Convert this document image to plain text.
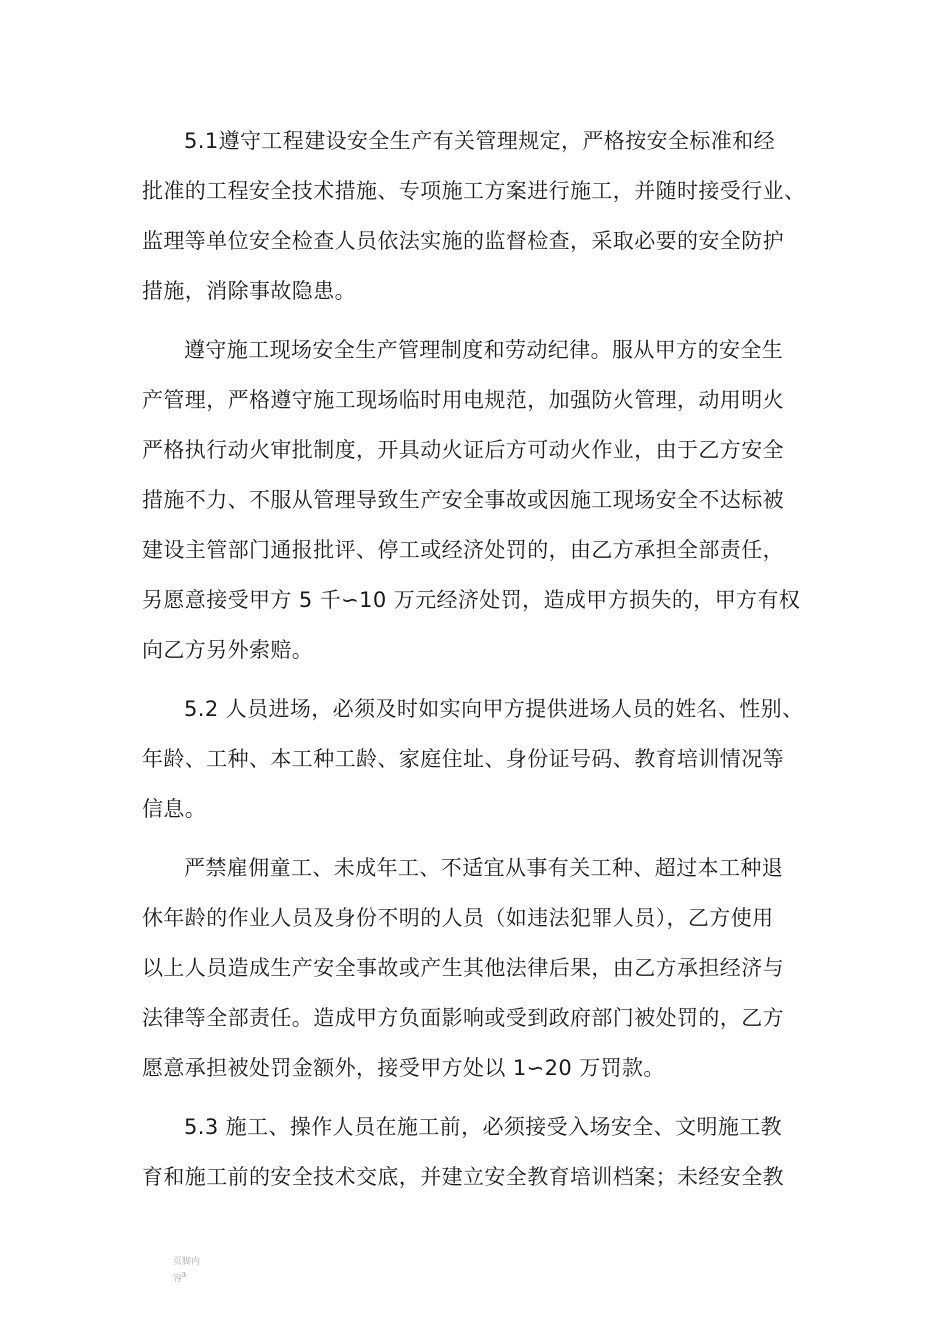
5.1遵守工程建设安全生产有关管理规定，严格按安全标准和经
批准的工程安全技术措施、专项施工方案进行施工，并随时接受行业、
监理等单位安全检查人员依法实施的监督检查，采取必要的安全防护
措施，消除事故隐患。
遵守施工现场安全生产管理制度和劳动纪律。服从甲方的安全生
产管理，严格遵守施工现场临时用电规范，加强防火管理，动用明火
严格执行动火审批制度，开具动火证后方可动火作业，由于乙方安全
措施不力、不服从管理导致生产安全事故或因施工现场安全不达标被
建设主管部门通报批评、停工或经济处罚的，由乙方承担全部责任，
另愿意接受甲方 5 千∽10 万元经济处罚，造成甲方损失的，甲方有权
向乙方另外索赔。
5.2 人员进场，必须及时如实向甲方提供进场人员的姓名、性别、
年龄、工种、本工种工龄、家庭住址、身份证号码、教育培训情况等
信息。
严禁雇佣童工、未成年工、不适宜从事有关工种、超过本工种退
休年龄的作业人员及身份不明的人员（如违法犯罪人员），乙方使用
以上人员造成生产安全事故或产生其他法律后果，由乙方承担经济与
法律等全部责任。造成甲方负面影响或受到政府部门被处罚的，乙方
愿意承担被处罚金额外，接受甲方处以 1∽20 万罚款。
5.3 施工、操作人员在施工前，必须接受入场安全、文明施工教
育和施工前的安全技术交底，并建立安全教育培训档案；未经安全教
页脚内
容$^3$
